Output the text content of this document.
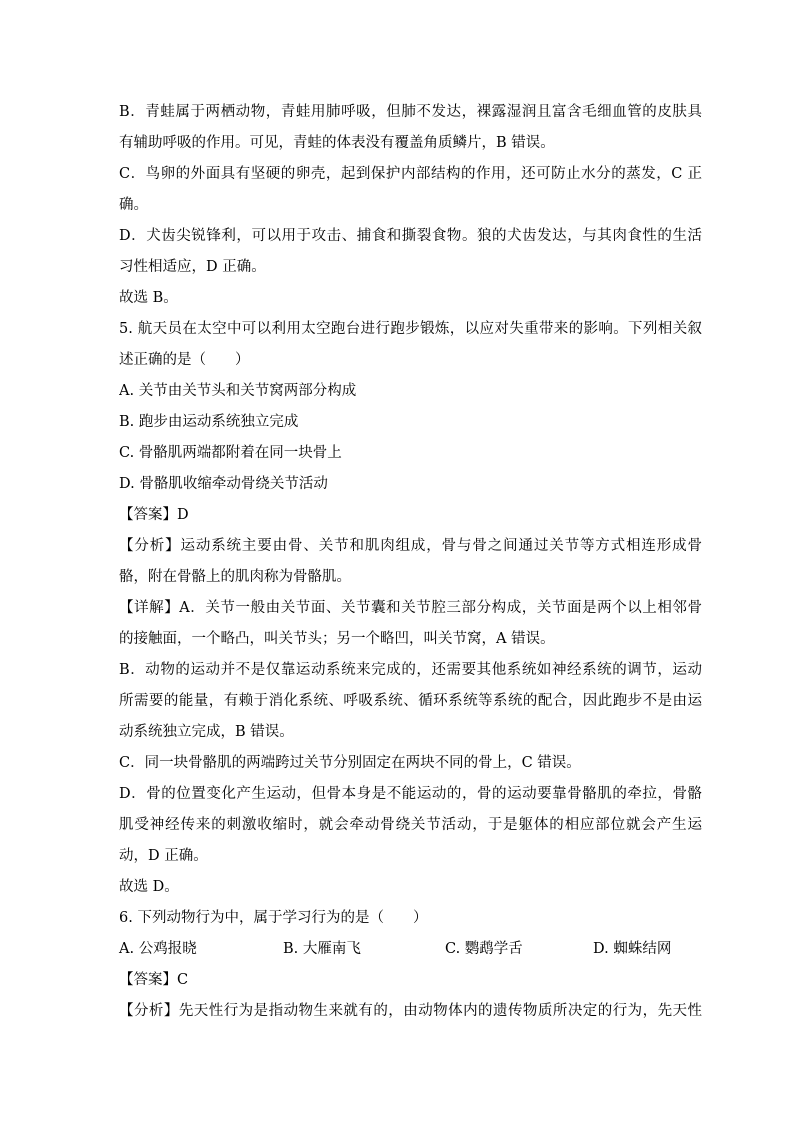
B．青蛙属于两栖动物，青蛙用肺呼吸，但肺不发达，裸露湿润且富含毛细血管的皮肤具
有辅助呼吸的作用。可见，青蛙的体表没有覆盖角质鳞片，B 错误。
C．鸟卵的外面具有坚硬的卵壳，起到保护内部结构的作用，还可防止水分的蒸发，C 正
确。
D．犬齿尖锐锋利，可以用于攻击、捕食和撕裂食物。狼的犬齿发达，与其肉食性的生活
习性相适应，D 正确。
故选 B。
5. 航天员在太空中可以利用太空跑台进行跑步锻炼，以应对失重带来的影响。下列相关叙
述正确的是（　　）
A. 关节由关节头和关节窝两部分构成
B. 跑步由运动系统独立完成
C. 骨骼肌两端都附着在同一块骨上
D. 骨骼肌收缩牵动骨绕关节活动
【答案】D
【分析】运动系统主要由骨、关节和肌肉组成，骨与骨之间通过关节等方式相连形成骨
骼，附在骨骼上的肌肉称为骨骼肌。
【详解】A．关节一般由关节面、关节囊和关节腔三部分构成，关节面是两个以上相邻骨
的接触面，一个略凸，叫关节头；另一个略凹，叫关节窝，A 错误。
B．动物的运动并不是仅靠运动系统来完成的，还需要其他系统如神经系统的调节，运动
所需要的能量，有赖于消化系统、呼吸系统、循环系统等系统的配合，因此跑步不是由运
动系统独立完成，B 错误。
C．同一块骨骼肌的两端跨过关节分别固定在两块不同的骨上，C 错误。
D．骨的位置变化产生运动，但骨本身是不能运动的，骨的运动要靠骨骼肌的牵拉，骨骼
肌受神经传来的刺激收缩时，就会牵动骨绕关节活动，于是躯体的相应部位就会产生运
动，D 正确。
故选 D。
6. 下列动物行为中，属于学习行为的是（　　）
A. 公鸡报晓	B. 大雁南飞	C. 鹦鹉学舌	D. 蜘蛛结网
【答案】C
【分析】先天性行为是指动物生来就有的，由动物体内的遗传物质所决定的行为，先天性
